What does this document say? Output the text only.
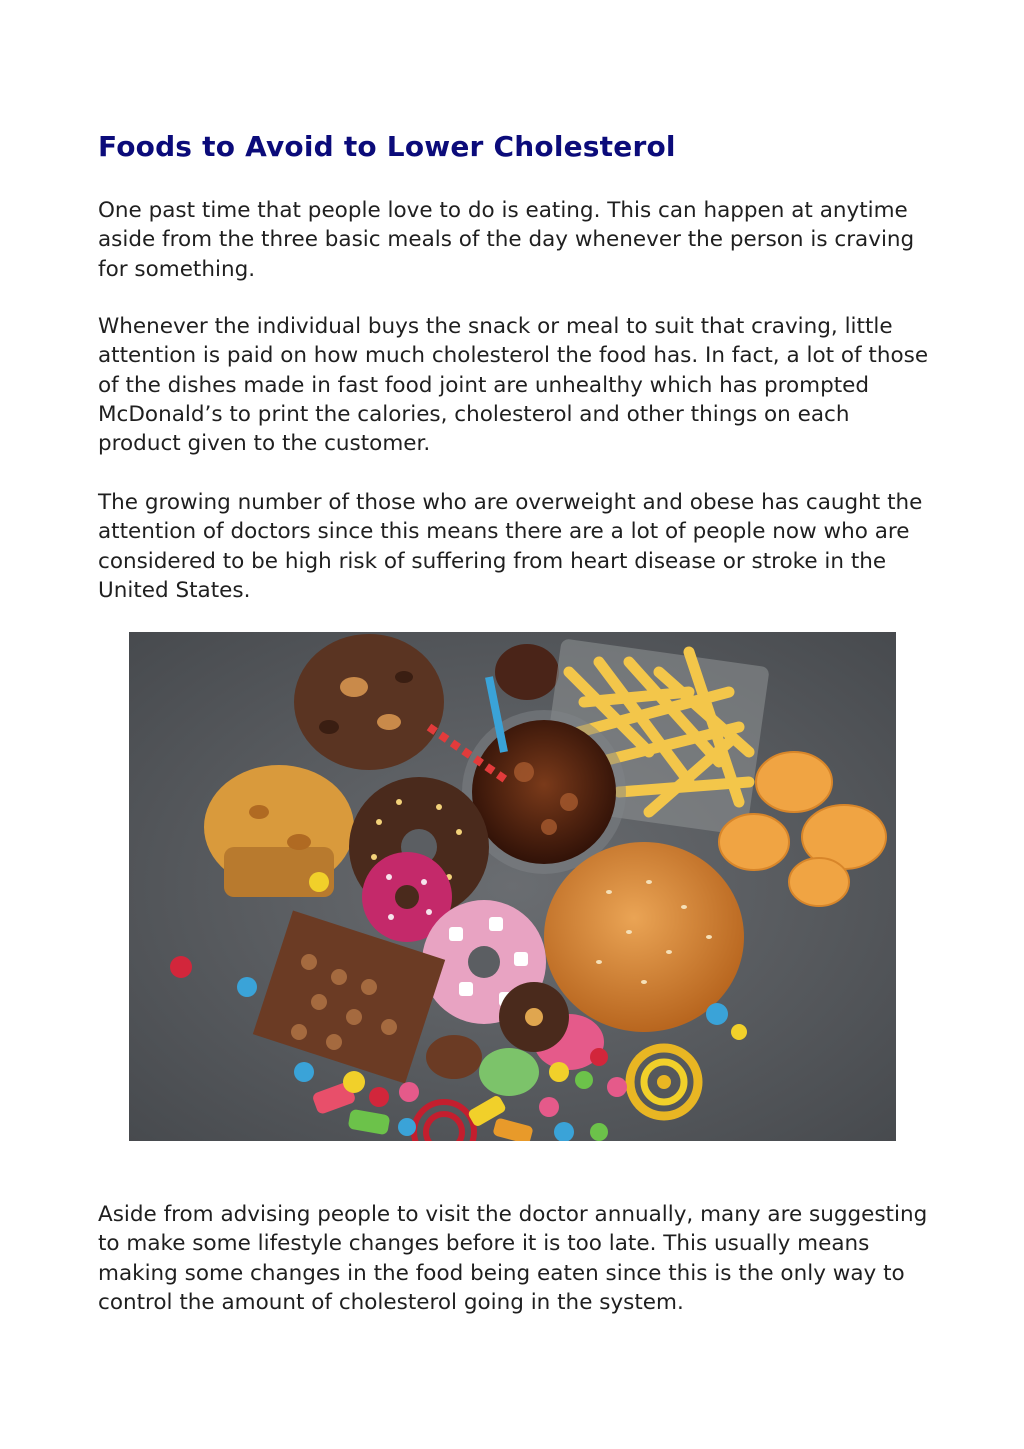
Foods to Avoid to Lower Cholesterol

One past time that people love to do is eating. This can happen at anytime aside from the three basic meals of the day whenever the person is craving for something.

Whenever the individual buys the snack or meal to suit that craving, little attention is paid on how much cholesterol the food has. In fact, a lot of those of the dishes made in fast food joint are unhealthy which has prompted McDonald’s to print the calories, cholesterol and other things on each product given to the customer.

The growing number of those who are overweight and obese has caught the attention of doctors since this means there are a lot of people now who are considered to be high risk of suffering from heart disease or stroke in the United States.

Aside from advising people to visit the doctor annually, many are suggesting to make some lifestyle changes before it is too late. This usually means making some changes in the food being eaten since this is the only way to control the amount of cholesterol going in the system.
